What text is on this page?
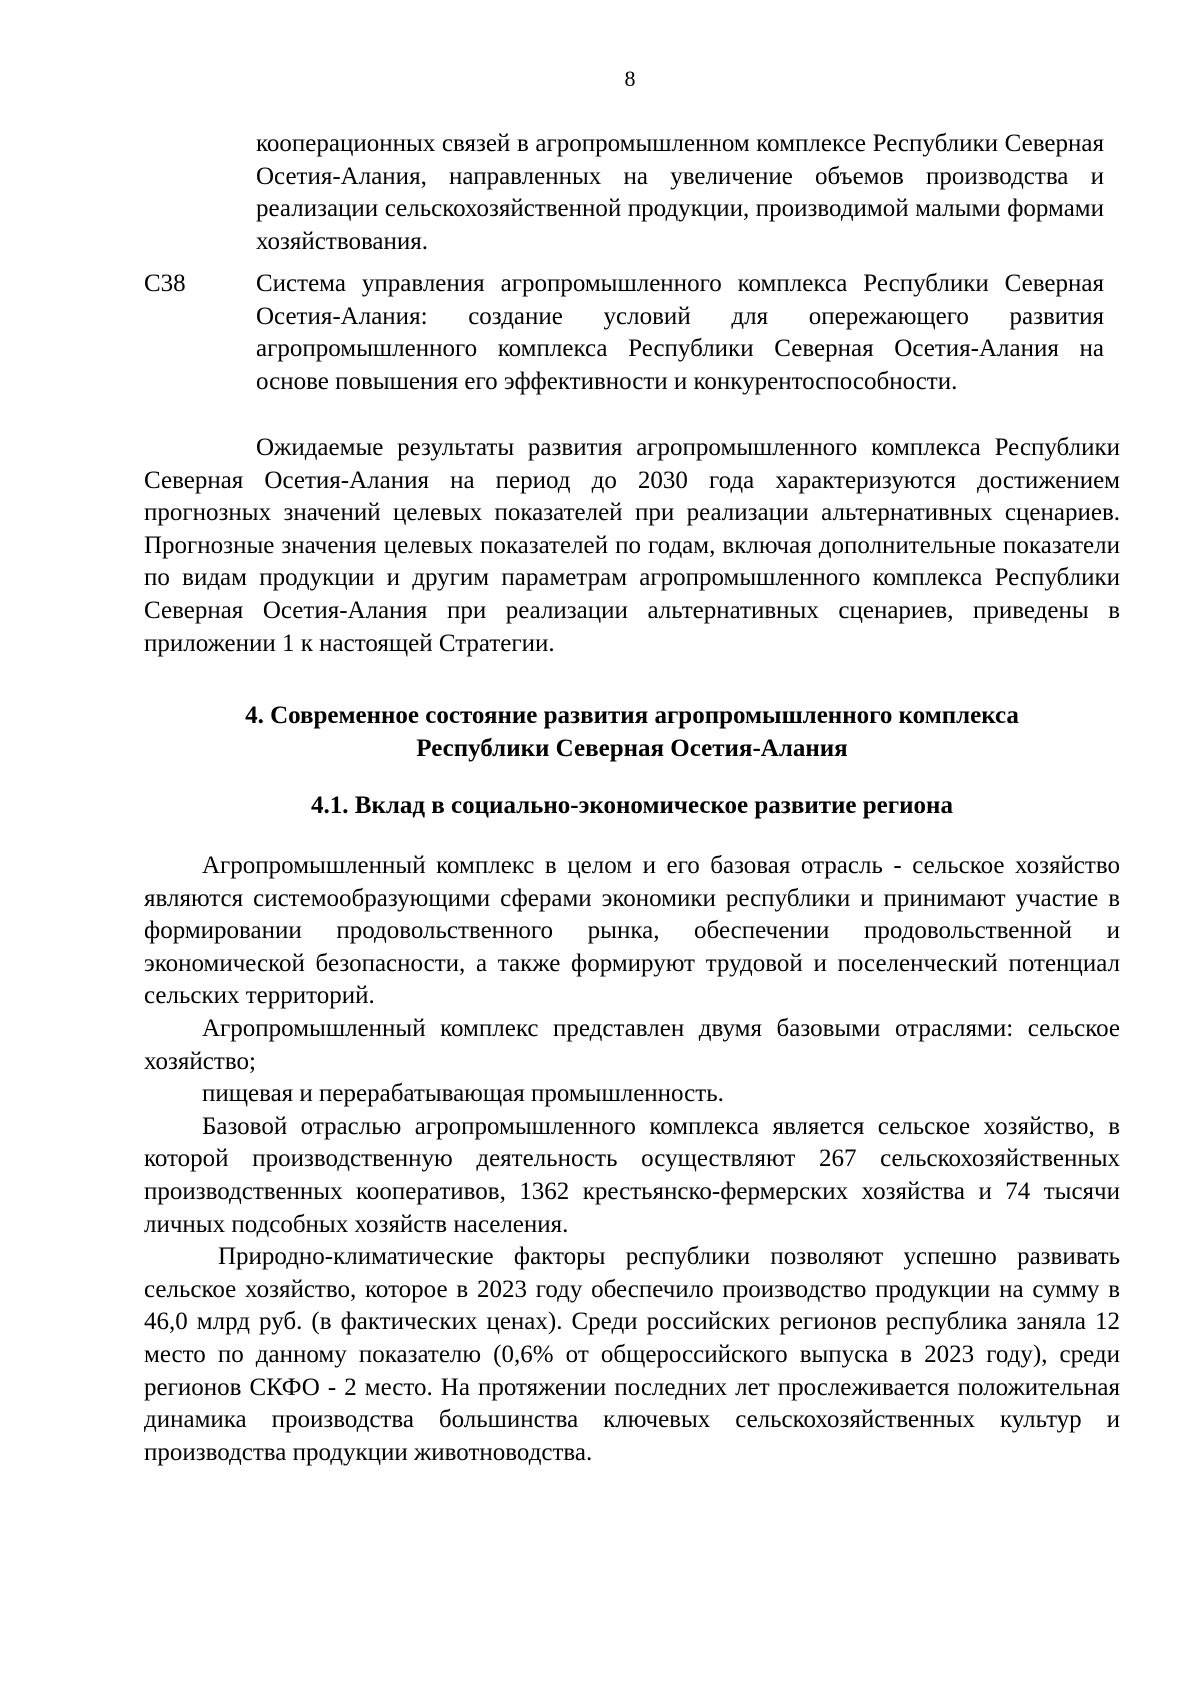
8
кооперационных связей в агропромышленном комплексе Республики Северная Осетия-Алания, направленных на увеличение объемов производства и реализации сельскохозяйственной продукции, производимой малыми формами хозяйствования.
С38	Система управления агропромышленного комплекса Республики Северная Осетия-Алания: создание условий для опережающего развития агропромышленного комплекса Республики Северная Осетия-Алания на основе повышения его эффективности и конкурентоспособности.

Ожидаемые результаты развития агропромышленного комплекса Республики Северная Осетия-Алания на период до 2030 года характеризуются достижением прогнозных значений целевых показателей при реализации альтернативных сценариев. Прогнозные значения целевых показателей по годам, включая дополнительные показатели по видам продукции и другим параметрам агропромышленного комплекса Республики Северная Осетия-Алания при реализации альтернативных сценариев, приведены в приложении 1 к настоящей Стратегии.

4. Современное состояние развития агропромышленного комплекса
Республики Северная Осетия-Алания
4.1. Вклад в социально-экономическое развитие региона

Агропромышленный комплекс в целом и его базовая отрасль - сельское хозяйство являются системообразующими сферами экономики республики и принимают участие в формировании продовольственного рынка, обеспечении продовольственной и экономической безопасности, а также формируют трудовой и поселенческий потенциал сельских территорий.

Агропромышленный комплекс представлен двумя базовыми отраслями: сельское хозяйство;

пищевая и перерабатывающая промышленность.

Базовой отраслью агропромышленного комплекса является сельское хозяйство, в которой производственную деятельность осуществляют 267 сельскохозяйственных производственных кооперативов, 1362 крестьянско-фермерских хозяйства и 74 тысячи личных подсобных хозяйств населения.

Природно-климатические факторы республики позволяют успешно развивать сельское хозяйство, которое в 2023 году обеспечило производство продукции на сумму в 46,0 млрд руб. (в фактических ценах). Среди российских регионов республика заняла 12 место по данному показателю (0,6% от общероссийского выпуска в 2023 году), среди регионов СКФО - 2 место. На протяжении последних лет прослеживается положительная динамика производства большинства ключевых сельскохозяйственных культур и производства продукции животноводства.
